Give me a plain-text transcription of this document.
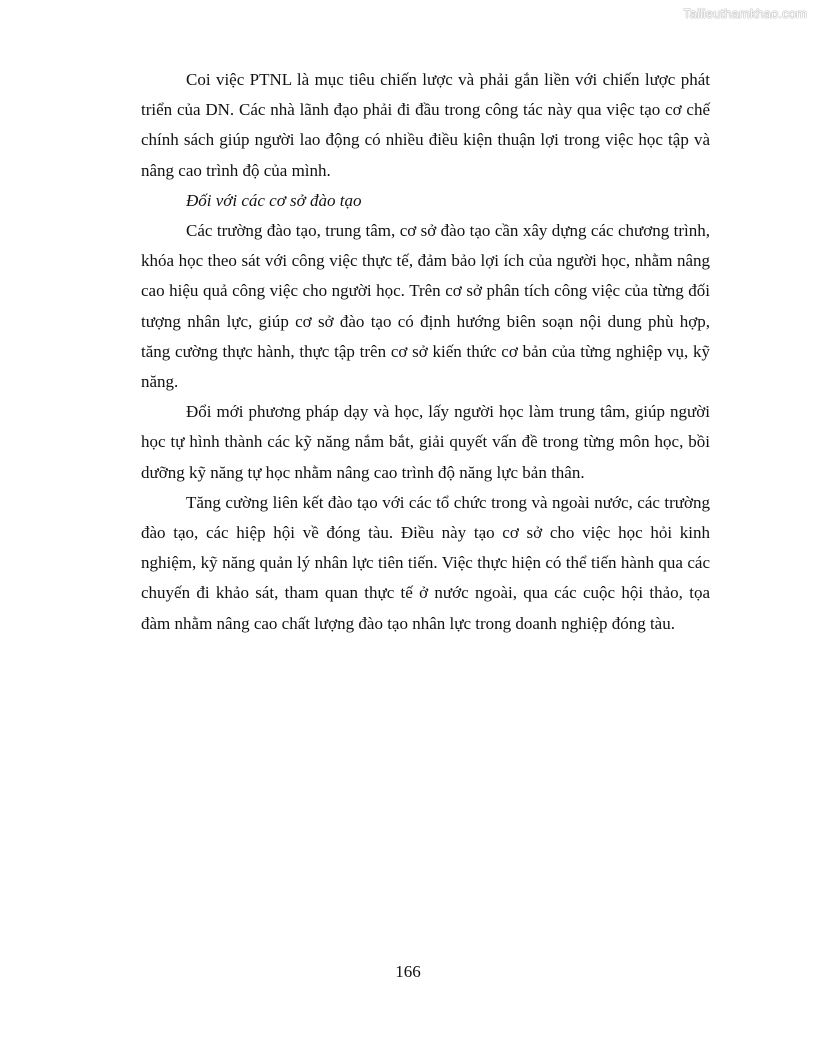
Tailieuthamkhao.com

Coi việc PTNL là mục tiêu chiến lược và phải gắn liền với chiến lược phát triển của DN. Các nhà lãnh đạo phải đi đầu trong công tác này qua việc tạo cơ chế chính sách giúp người lao động có nhiều điều kiện thuận lợi trong việc học tập và nâng cao trình độ của mình.

Đối với các cơ sở đào tạo

Các trường đào tạo, trung tâm, cơ sở đào tạo cần xây dựng các chương trình, khóa học theo sát với công việc thực tế, đảm bảo lợi ích của người học, nhằm nâng cao hiệu quả công việc cho người học. Trên cơ sở phân tích công việc của từng đối tượng nhân lực, giúp cơ sở đào tạo có định hướng biên soạn nội dung phù hợp, tăng cường thực hành, thực tập trên cơ sở kiến thức cơ bản của từng nghiệp vụ, kỹ năng.

Đổi mới phương pháp dạy và học, lấy người học làm trung tâm, giúp người học tự hình thành các kỹ năng nắm bắt, giải quyết vấn đề trong từng môn học, bồi dưỡng kỹ năng tự học nhằm nâng cao trình độ năng lực bản thân.

Tăng cường liên kết đào tạo với các tổ chức trong và ngoài nước, các trường đào tạo, các hiệp hội về đóng tàu. Điều này tạo cơ sở cho việc học hỏi kinh nghiệm, kỹ năng quản lý nhân lực tiên tiến. Việc thực hiện có thể tiến hành qua các chuyến đi khảo sát, tham quan thực tế ở nước ngoài, qua các cuộc hội thảo, tọa đàm nhằm nâng cao chất lượng đào tạo nhân lực trong doanh nghiệp đóng tàu.

166
